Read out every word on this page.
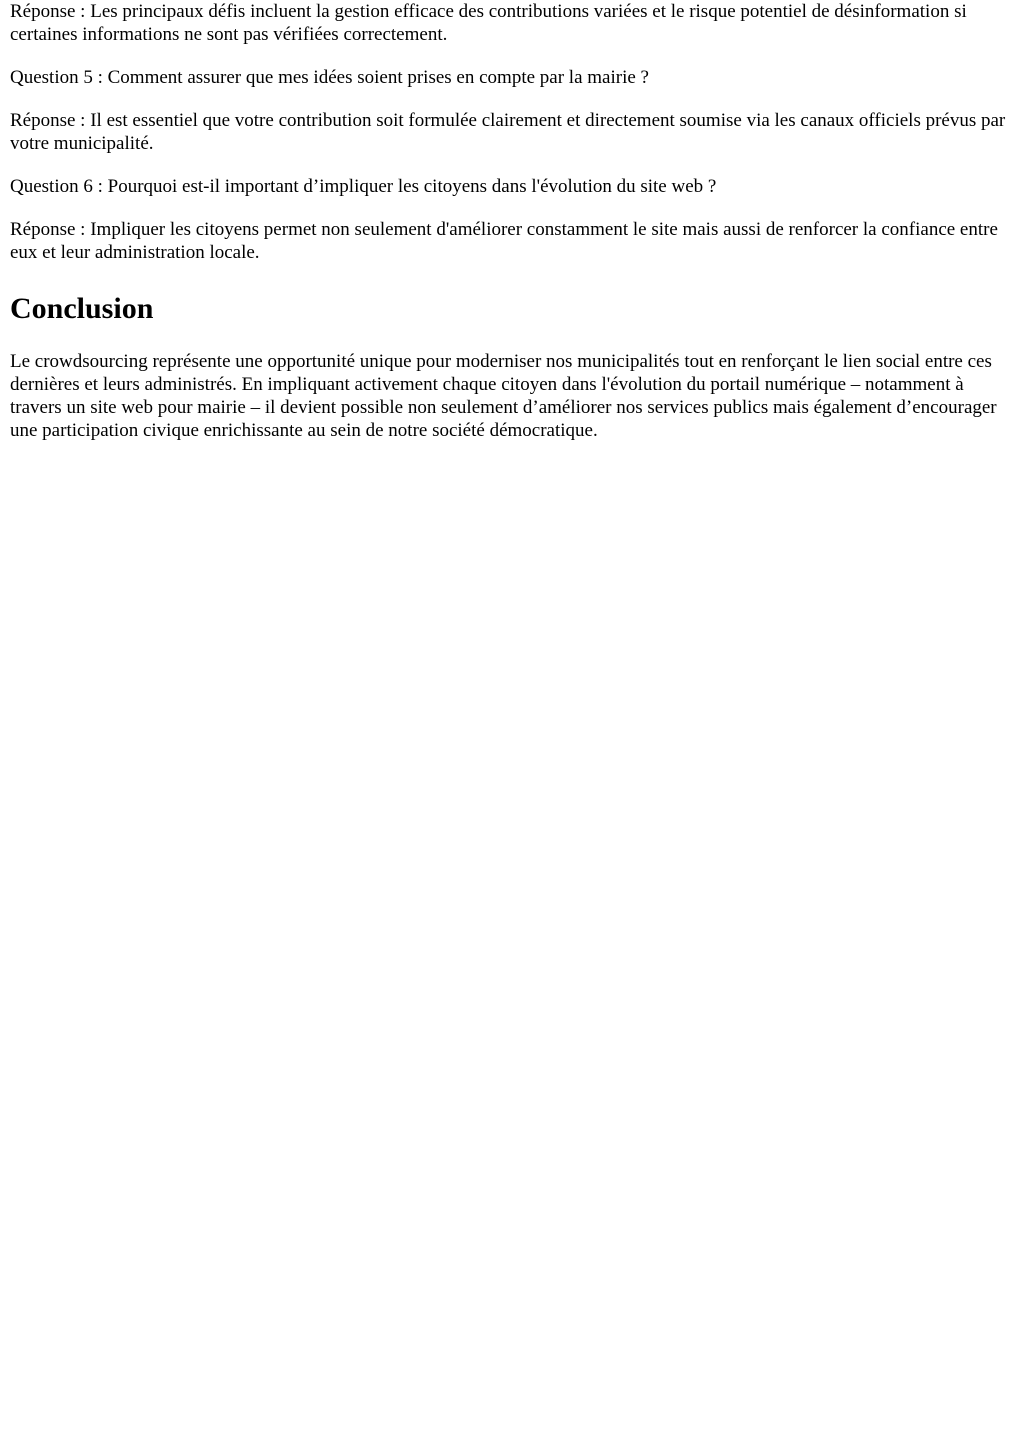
Réponse : Les principaux défis incluent la gestion efficace des contributions variées et le risque potentiel de désinformation si certaines informations ne sont pas vérifiées correctement.

Question 5 : Comment assurer que mes idées soient prises en compte par la mairie ?

Réponse : Il est essentiel que votre contribution soit formulée clairement et directement soumise via les canaux officiels prévus par votre municipalité.

Question 6 : Pourquoi est-il important d’impliquer les citoyens dans l'évolution du site web ?

Réponse : Impliquer les citoyens permet non seulement d'améliorer constamment le site mais aussi de renforcer la confiance entre eux et leur administration locale.

Conclusion

Le crowdsourcing représente une opportunité unique pour moderniser nos municipalités tout en renforçant le lien social entre ces dernières et leurs administrés. En impliquant activement chaque citoyen dans l'évolution du portail numérique – notamment à travers un site web pour mairie – il devient possible non seulement d’améliorer nos services publics mais également d’encourager une participation civique enrichissante au sein de notre société démocratique.
